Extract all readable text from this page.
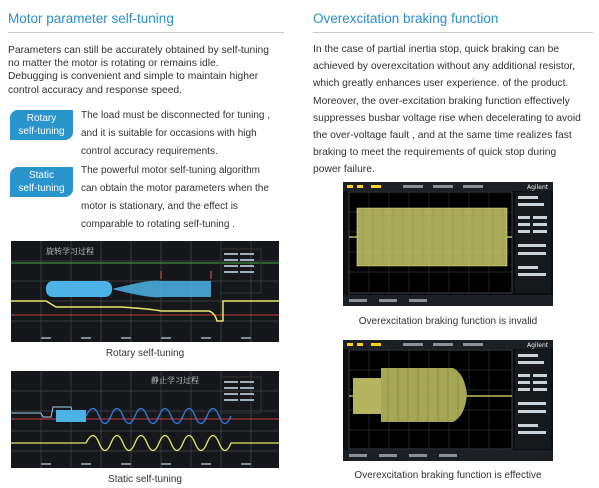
Motor parameter self-tuning

Parameters can still be accurately obtained by self-tuning

no matter the motor is rotating or remains idle.

Debugging is convenient and simple to maintain higher

control accuracy and response speed.

Rotary
self-tuning
The load must be disconnected for tuning ,
and it is suitable for occasions with high
control accuracy requirements.
Static
self-tuning
The powerful motor self-tuning algorithm
can obtain the motor parameters when the
motor is stationary, and the effect is
comparable to rotating self-tuning .
旋转学习过程
Rotary self-tuning
静止学习过程
Static self-tuning
Overexcitation braking function
In the case of partial inertia stop, quick braking can be
achieved by overexcitation without any additional resistor,
which greatly enhances user experience. of the product.
Moreover, the over-excitation braking function effectively
suppresses busbar voltage rise when decelerating to avoid
the over-voltage fault , and at the same time realizes fast
braking to meet the requirements of quick stop during
power failure.
Agilent
Overexcitation braking function is invalid
Agilent
Overexcitation braking function is effective
